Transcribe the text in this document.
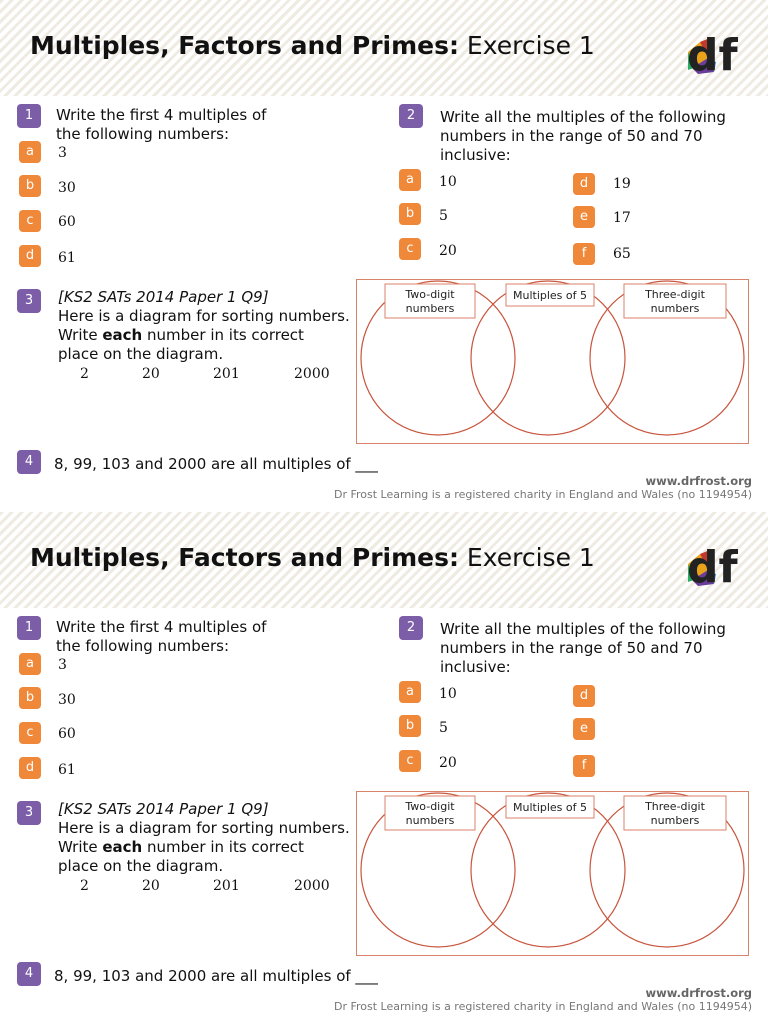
Multiples, Factors and Primes: Exercise 1 df
1	Write the first 4 multiples of
the following numbers:
a	3
b	30
c	60
d	61
2	Write all the multiples of the following
numbers in the range of 50 and 70
inclusive:
a	10
b	5
c	20
d	19
e	17
f	65
3	[KS2 SATs 2014 Paper 1 Q9]
Here is a diagram for sorting numbers.
Write each number in its correct
place on the diagram.
2	20	201	2000
Two-digit
numbers
Multiples of 5	Three-digit
numbers
4	8, 99, 103 and 2000 are all multiples of ___
www.drfrost.org
Dr Frost Learning is a registered charity in England and Wales (no 1194954)
Multiples, Factors and Primes: Exercise 1 df
1	Write the first 4 multiples of
the following numbers:
a	3
b	30
c	60
d	61
2	Write all the multiples of the following
numbers in the range of 50 and 70
inclusive:
a	10
b	5
c	20
d
e
f
3	[KS2 SATs 2014 Paper 1 Q9]
Here is a diagram for sorting numbers.
Write each number in its correct
place on the diagram.
2	20	201	2000
Two-digit
numbers
Multiples of 5	Three-digit
numbers
4	8, 99, 103 and 2000 are all multiples of ___
www.drfrost.org
Dr Frost Learning is a registered charity in England and Wales (no 1194954)
